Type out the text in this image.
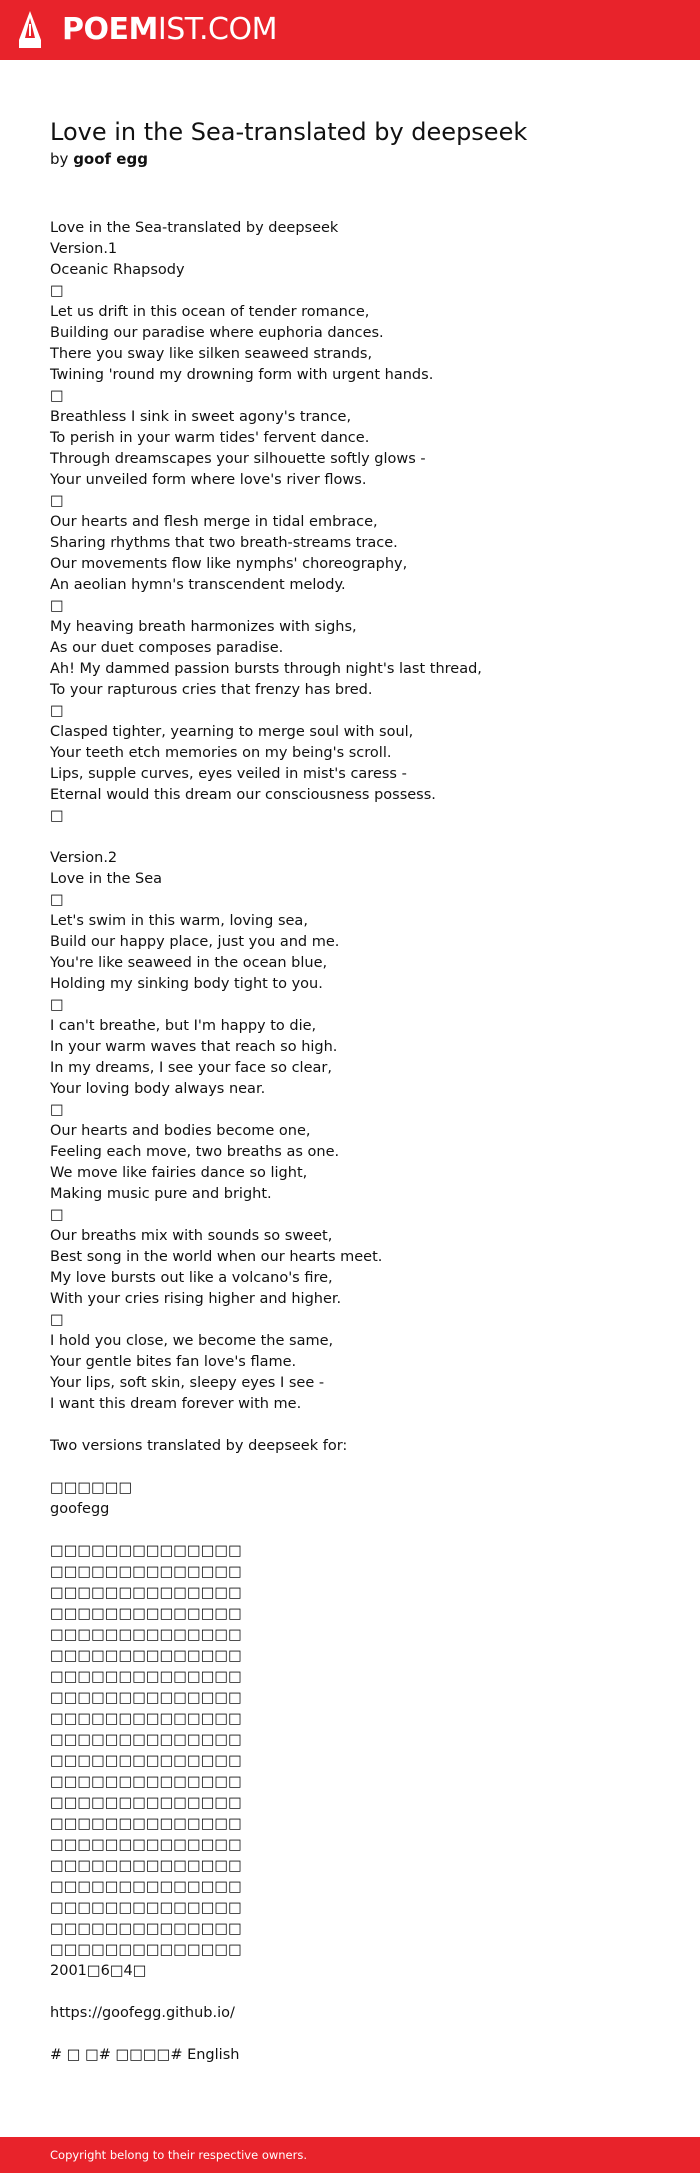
POEMIST.COM
Love in the Sea-translated by deepseek
by goof egg
Love in the Sea-translated by deepseek
Version.1
Oceanic Rhapsody
□
Let us drift in this ocean of tender romance,
Building our paradise where euphoria dances.
There you sway like silken seaweed strands,
Twining 'round my drowning form with urgent hands.
□
Breathless I sink in sweet agony's trance,
To perish in your warm tides' fervent dance.
Through dreamscapes your silhouette softly glows -
Your unveiled form where love's river flows.
□
Our hearts and flesh merge in tidal embrace,
Sharing rhythms that two breath-streams trace.
Our movements flow like nymphs' choreography,
An aeolian hymn's transcendent melody.
□
My heaving breath harmonizes with sighs,
As our duet composes paradise.
Ah! My dammed passion bursts through night's last thread,
To your rapturous cries that frenzy has bred.
□
Clasped tighter, yearning to merge soul with soul,
Your teeth etch memories on my being's scroll.
Lips, supple curves, eyes veiled in mist's caress -
Eternal would this dream our consciousness possess.
□
Version.2
Love in the Sea
□
Let's swim in this warm, loving sea,
Build our happy place, just you and me.
You're like seaweed in the ocean blue,
Holding my sinking body tight to you.
□
I can't breathe, but I'm happy to die,
In your warm waves that reach so high.
In my dreams, I see your face so clear,
Your loving body always near.
□
Our hearts and bodies become one,
Feeling each move, two breaths as one.
We move like fairies dance so light,
Making music pure and bright.
□
Our breaths mix with sounds so sweet,
Best song in the world when our hearts meet.
My love bursts out like a volcano's fire,
With your cries rising higher and higher.
□
I hold you close, we become the same,
Your gentle bites fan love's flame.
Your lips, soft skin, sleepy eyes I see -
I want this dream forever with me.
Two versions translated by deepseek for:
□□□□□□
goofegg
□□□□□□□□□□□□□□
□□□□□□□□□□□□□□
□□□□□□□□□□□□□□
□□□□□□□□□□□□□□
□□□□□□□□□□□□□□
□□□□□□□□□□□□□□
□□□□□□□□□□□□□□
□□□□□□□□□□□□□□
□□□□□□□□□□□□□□
□□□□□□□□□□□□□□
□□□□□□□□□□□□□□
□□□□□□□□□□□□□□
□□□□□□□□□□□□□□
□□□□□□□□□□□□□□
□□□□□□□□□□□□□□
□□□□□□□□□□□□□□
□□□□□□□□□□□□□□
□□□□□□□□□□□□□□
□□□□□□□□□□□□□□
□□□□□□□□□□□□□□
2001□6□4□
https://goofegg.github.io/
# □ □# □□□□# English
Copyright belong to their respective owners.
